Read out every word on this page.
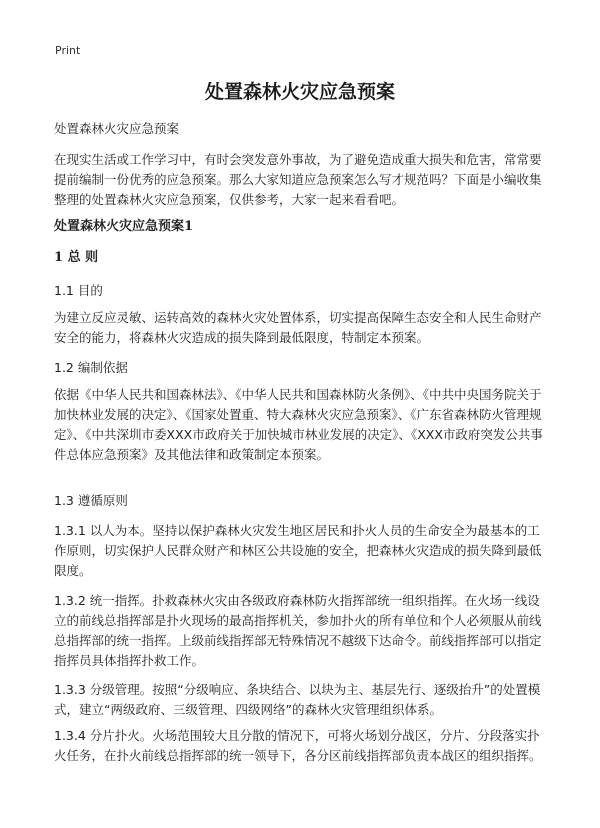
Print
处置森林火灾应急预案
处置森林火灾应急预案
在现实生活或工作学习中，有时会突发意外事故，为了避免造成重大损失和危害，常常要提前编制一份优秀的应急预案。那么大家知道应急预案怎么写才规范吗？下面是小编收集整理的处置森林火灾应急预案，仅供参考，大家一起来看看吧。
处置森林火灾应急预案1
1 总 则
1.1 目的
为建立反应灵敏、运转高效的森林火灾处置体系，切实提高保障生态安全和人民生命财产安全的能力，将森林火灾造成的损失降到最低限度，特制定本预案。
1.2 编制依据
依据《中华人民共和国森林法》、《中华人民共和国森林防火条例》、《中共中央国务院关于加快林业发展的决定》、《国家处置重、特大森林火灾应急预案》、《广东省森林防火管理规定》、《中共深圳市委XXX市政府关于加快城市林业发展的决定》、《XXX市政府突发公共事件总体应急预案》及其他法律和政策制定本预案。
1.3 遵循原则
1.3.1 以人为本。坚持以保护森林火灾发生地区居民和扑火人员的生命安全为最基本的工作原则，切实保护人民群众财产和林区公共设施的安全，把森林火灾造成的损失降到最低限度。
1.3.2 统一指挥。扑救森林火灾由各级政府森林防火指挥部统一组织指挥。在火场一线设立的前线总指挥部是扑火现场的最高指挥机关，参加扑火的所有单位和个人必须服从前线总指挥部的统一指挥。上级前线指挥部无特殊情况不越级下达命令。前线指挥部可以指定指挥员具体指挥扑救工作。
1.3.3 分级管理。按照“分级响应、条块结合、以块为主、基层先行、逐级抬升”的处置模式，建立“两级政府、三级管理、四级网络”的森林火灾管理组织体系。
1.3.4 分片扑火。火场范围较大且分散的情况下，可将火场划分战区，分片、分段落实扑火任务，在扑火前线总指挥部的统一领导下，各分区前线指挥部负责本战区的组织指挥。
